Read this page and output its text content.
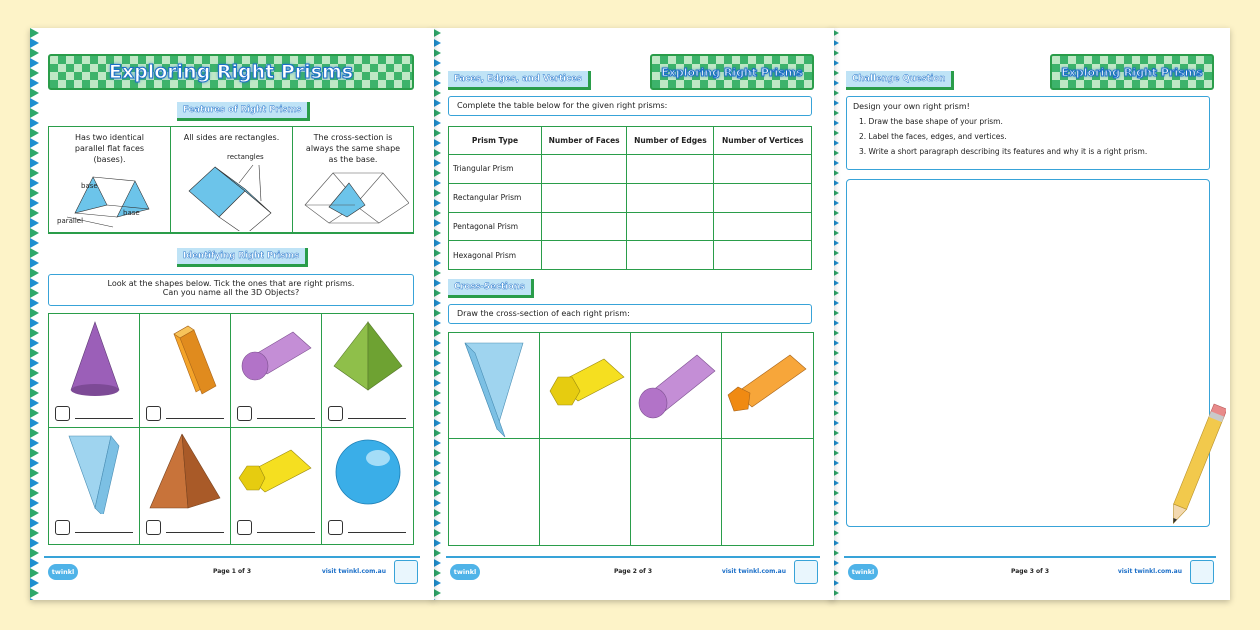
Exploring Right Prisms
Features of Right Prisms
Has two identical parallel flat faces (bases).
base
base
parallel
All sides are rectangles.
rectangles
The cross-section is always the same shape as the base.
Identifying Right Prisms
Look at the shapes below. Tick the ones that are right prisms.
Can you name all the 3D Objects?
twinkl	Page 1 of 3	visit twinkl.com.au
Exploring Right Prisms
Faces, Edges, and Vertices
Complete the table below for the given right prisms:
Prism Type	Number of Faces	Number of Edges	Number of Vertices
Triangular Prism			
Rectangular Prism			
Pentagonal Prism			
Hexagonal Prism			
Cross-Sections
Draw the cross-section of each right prism:
twinkl	Page 2 of 3	visit twinkl.com.au
Exploring Right Prisms
Challenge Question
Design your own right prism!
1. Draw the base shape of your prism.
2. Label the faces, edges, and vertices.
3. Write a short paragraph describing its features and why it is a right prism.
twinkl	Page 3 of 3	visit twinkl.com.au
